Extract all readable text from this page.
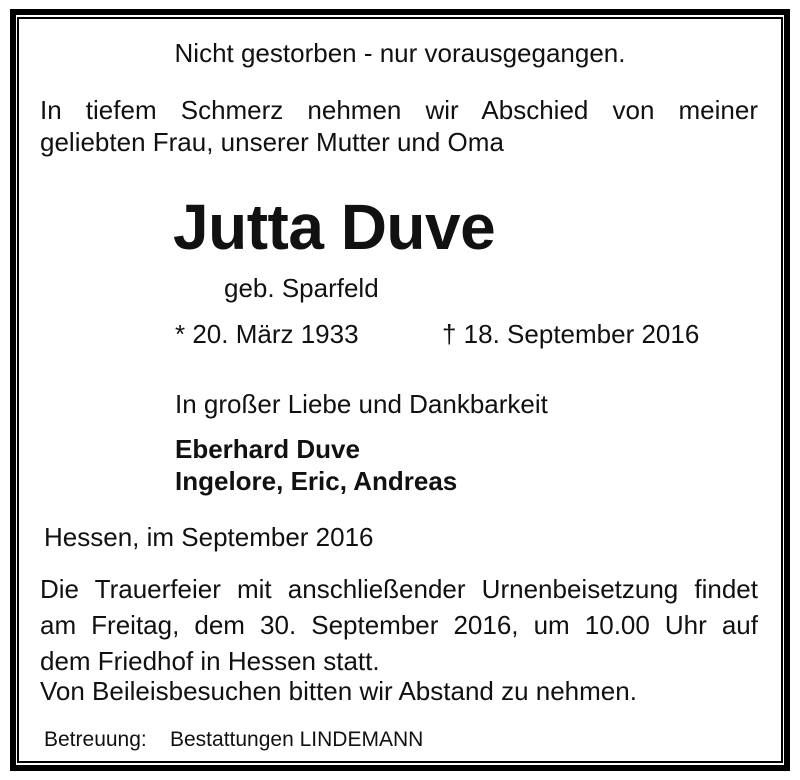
Nicht gestorben - nur vorausgegangen.
In tiefem Schmerz nehmen wir Abschied von meiner
geliebten Frau, unserer Mutter und Oma
Jutta Duve
geb. Sparfeld
* 20. März 1933	† 18. September 2016
In großer Liebe und Dankbarkeit
Eberhard Duve
Ingelore, Eric, Andreas
Hessen, im September 2016
Die Trauerfeier mit anschließender Urnenbeisetzung findet
am Freitag, dem 30. September 2016, um 10.00 Uhr auf
dem Friedhof in Hessen statt.
Von Beileisbesuchen bitten wir Abstand zu nehmen.
Betreuung: Bestattungen LINDEMANN
